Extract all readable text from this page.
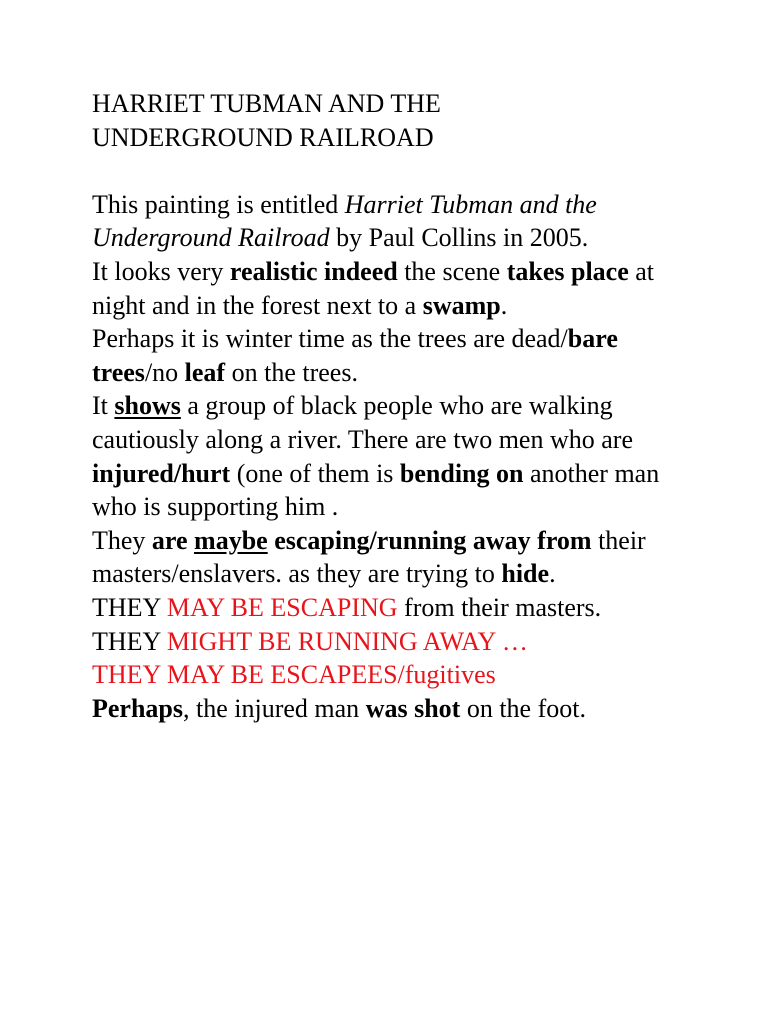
HARRIET TUBMAN AND THE
UNDERGROUND RAILROAD

This painting is entitled Harriet Tubman and the Underground Railroad by Paul Collins in 2005.

It looks very realistic indeed the scene takes place at night and in the forest next to a swamp.

Perhaps it is winter time as the trees are dead/bare trees/no leaf on the trees.

It shows a group of black people who are walking cautiously along a river. There are two men who are injured/hurt (one of them is bending on another man who is supporting him .

They are maybe escaping/running away from their masters/enslavers. as they are trying to hide.

THEY MAY BE ESCAPING from their masters.

THEY MIGHT BE RUNNING AWAY …

THEY MAY BE ESCAPEES/fugitives

Perhaps, the injured man was shot on the foot.
